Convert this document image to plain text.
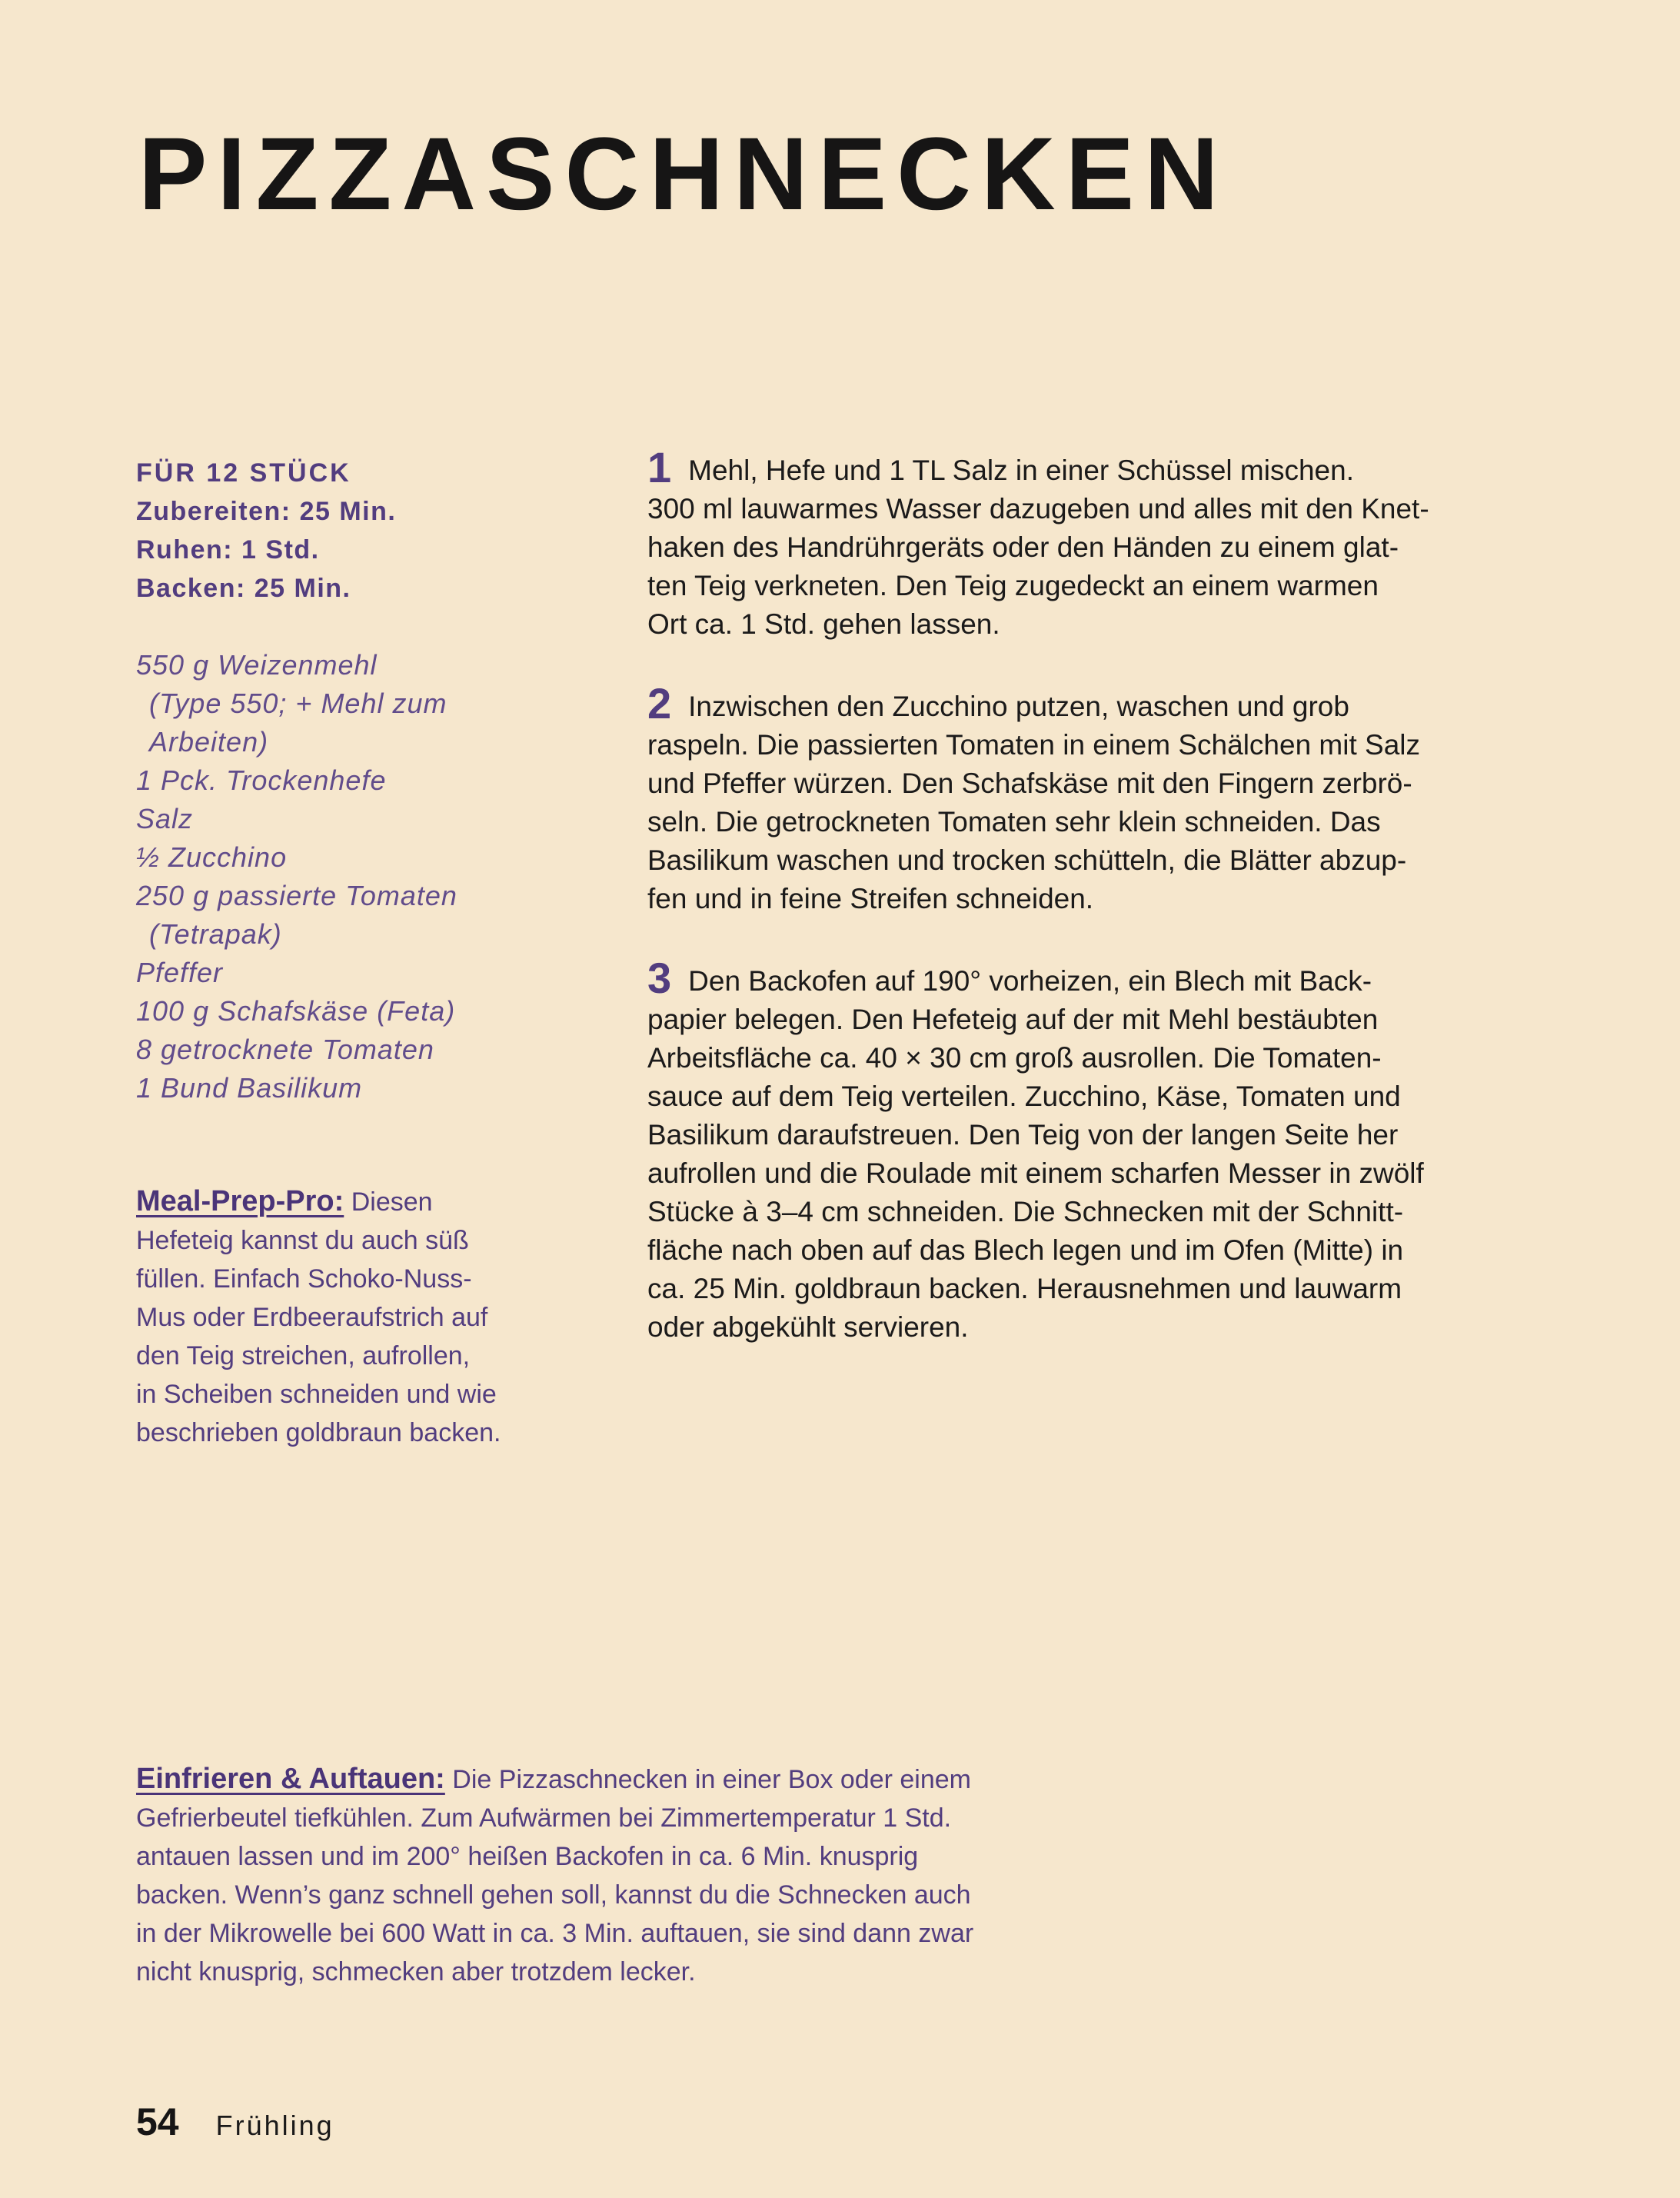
PIZZASCHNECKEN
FÜR 12 STÜCK
Zubereiten: 25 Min.
Ruhen: 1 Std.
Backen: 25 Min.
550 g Weizenmehl
(Type 550; + Mehl zum
Arbeiten)
1 Pck. Trockenhefe
Salz
½ Zucchino
250 g passierte Tomaten
(Tetrapak)
Pfeffer
100 g Schafskäse (Feta)
8 getrocknete Tomaten
1 Bund Basilikum
Meal-Prep-Pro: Diesen
Hefeteig kannst du auch süß
füllen. Einfach Schoko-Nuss-
Mus oder Erdbeeraufstrich auf
den Teig streichen, aufrollen,
in Scheiben schneiden und wie
beschrieben goldbraun backen.
1 Mehl, Hefe und 1 TL Salz in einer Schüssel mischen.
300 ml lauwarmes Wasser dazugeben und alles mit den Knet-
haken des Handrührgeräts oder den Händen zu einem glat-
ten Teig verkneten. Den Teig zugedeckt an einem warmen
Ort ca. 1 Std. gehen lassen.
2 Inzwischen den Zucchino putzen, waschen und grob
raspeln. Die passierten Tomaten in einem Schälchen mit Salz
und Pfeffer würzen. Den Schafskäse mit den Fingern zerbrö-
seln. Die getrockneten Tomaten sehr klein schneiden. Das
Basilikum waschen und trocken schütteln, die Blätter abzup-
fen und in feine Streifen schneiden.
3 Den Backofen auf 190° vorheizen, ein Blech mit Back-
papier belegen. Den Hefeteig auf der mit Mehl bestäubten
Arbeitsfläche ca. 40 × 30 cm groß ausrollen. Die Tomaten-
sauce auf dem Teig verteilen. Zucchino, Käse, Tomaten und
Basilikum daraufstreuen. Den Teig von der langen Seite her
aufrollen und die Roulade mit einem scharfen Messer in zwölf
Stücke à 3–4 cm schneiden. Die Schnecken mit der Schnitt-
fläche nach oben auf das Blech legen und im Ofen (Mitte) in
ca. 25 Min. goldbraun backen. Herausnehmen und lauwarm
oder abgekühlt servieren.
Einfrieren & Auftauen: Die Pizzaschnecken in einer Box oder einem
Gefrierbeutel tiefkühlen. Zum Aufwärmen bei Zimmertemperatur 1 Std.
antauen lassen und im 200° heißen Backofen in ca. 6 Min. knusprig
backen. Wenn’s ganz schnell gehen soll, kannst du die Schnecken auch
in der Mikrowelle bei 600 Watt in ca. 3 Min. auftauen, sie sind dann zwar
nicht knusprig, schmecken aber trotzdem lecker.
54 Frühling
